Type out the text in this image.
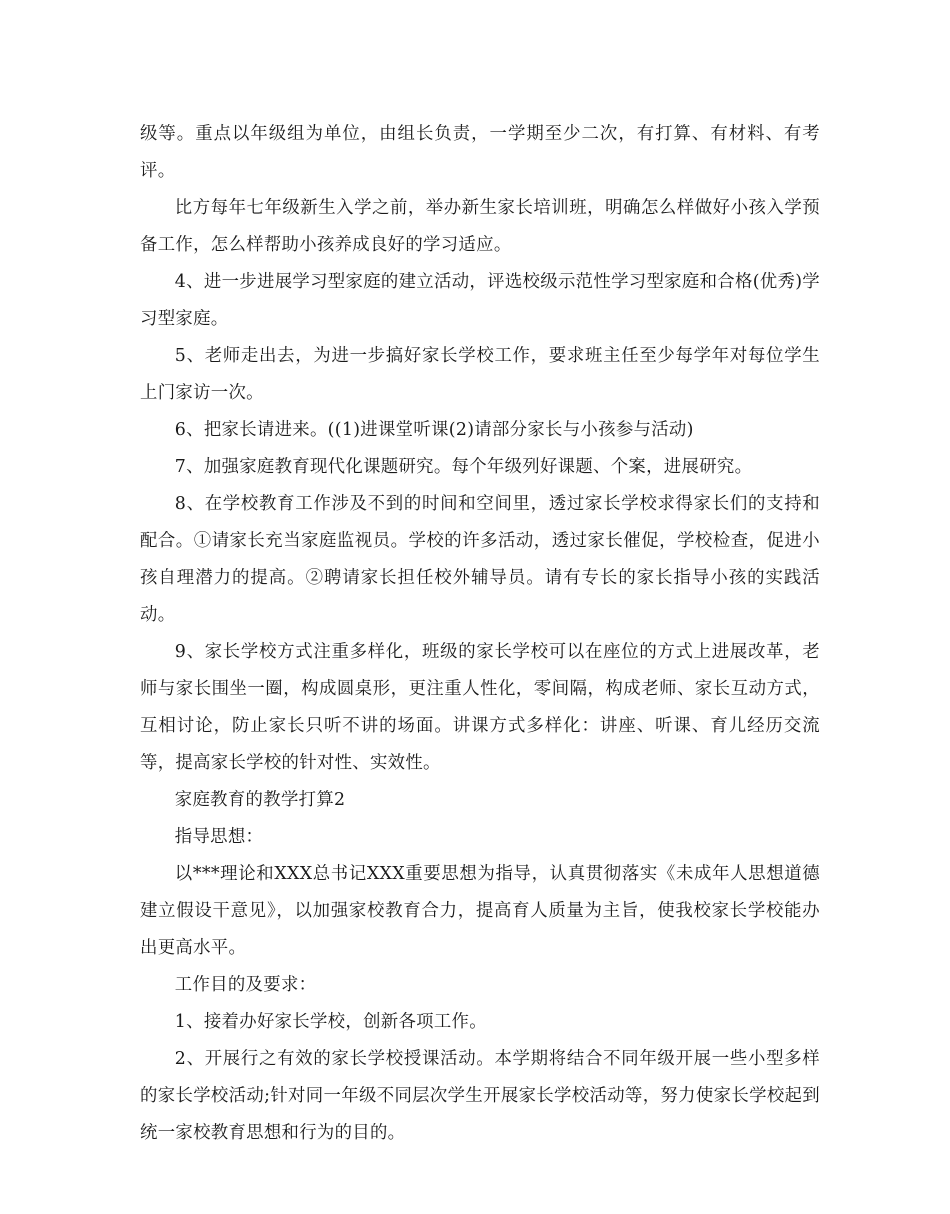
级等。重点以年级组为单位，由组长负责，一学期至少二次，有打算、有材料、有考评。

比方每年七年级新生入学之前，举办新生家长培训班，明确怎么样做好小孩入学预备工作，怎么样帮助小孩养成良好的学习适应。

4、进一步进展学习型家庭的建立活动，评选校级示范性学习型家庭和合格(优秀)学习型家庭。

5、老师走出去，为进一步搞好家长学校工作，要求班主任至少每学年对每位学生上门家访一次。

6、把家长请进来。((1)进课堂听课(2)请部分家长与小孩参与活动)

7、加强家庭教育现代化课题研究。每个年级列好课题、个案，进展研究。

8、在学校教育工作涉及不到的时间和空间里，透过家长学校求得家长们的支持和配合。①请家长充当家庭监视员。学校的许多活动，透过家长催促，学校检查，促进小孩自理潜力的提高。②聘请家长担任校外辅导员。请有专长的家长指导小孩的实践活动。

9、家长学校方式注重多样化，班级的家长学校可以在座位的方式上进展改革，老师与家长围坐一圈，构成圆桌形，更注重人性化，零间隔，构成老师、家长互动方式，互相讨论，防止家长只听不讲的场面。讲课方式多样化：讲座、听课、育儿经历交流等，提高家长学校的针对性、实效性。

家庭教育的教学打算2

指导思想：

以***理论和XXX总书记XXX重要思想为指导，认真贯彻落实《未成年人思想道德建立假设干意见》，以加强家校教育合力，提高育人质量为主旨，使我校家长学校能办出更高水平。

工作目的及要求：

1、接着办好家长学校，创新各项工作。

2、开展行之有效的家长学校授课活动。本学期将结合不同年级开展一些小型多样的家长学校活动;针对同一年级不同层次学生开展家长学校活动等，努力使家长学校起到统一家校教育思想和行为的目的。
